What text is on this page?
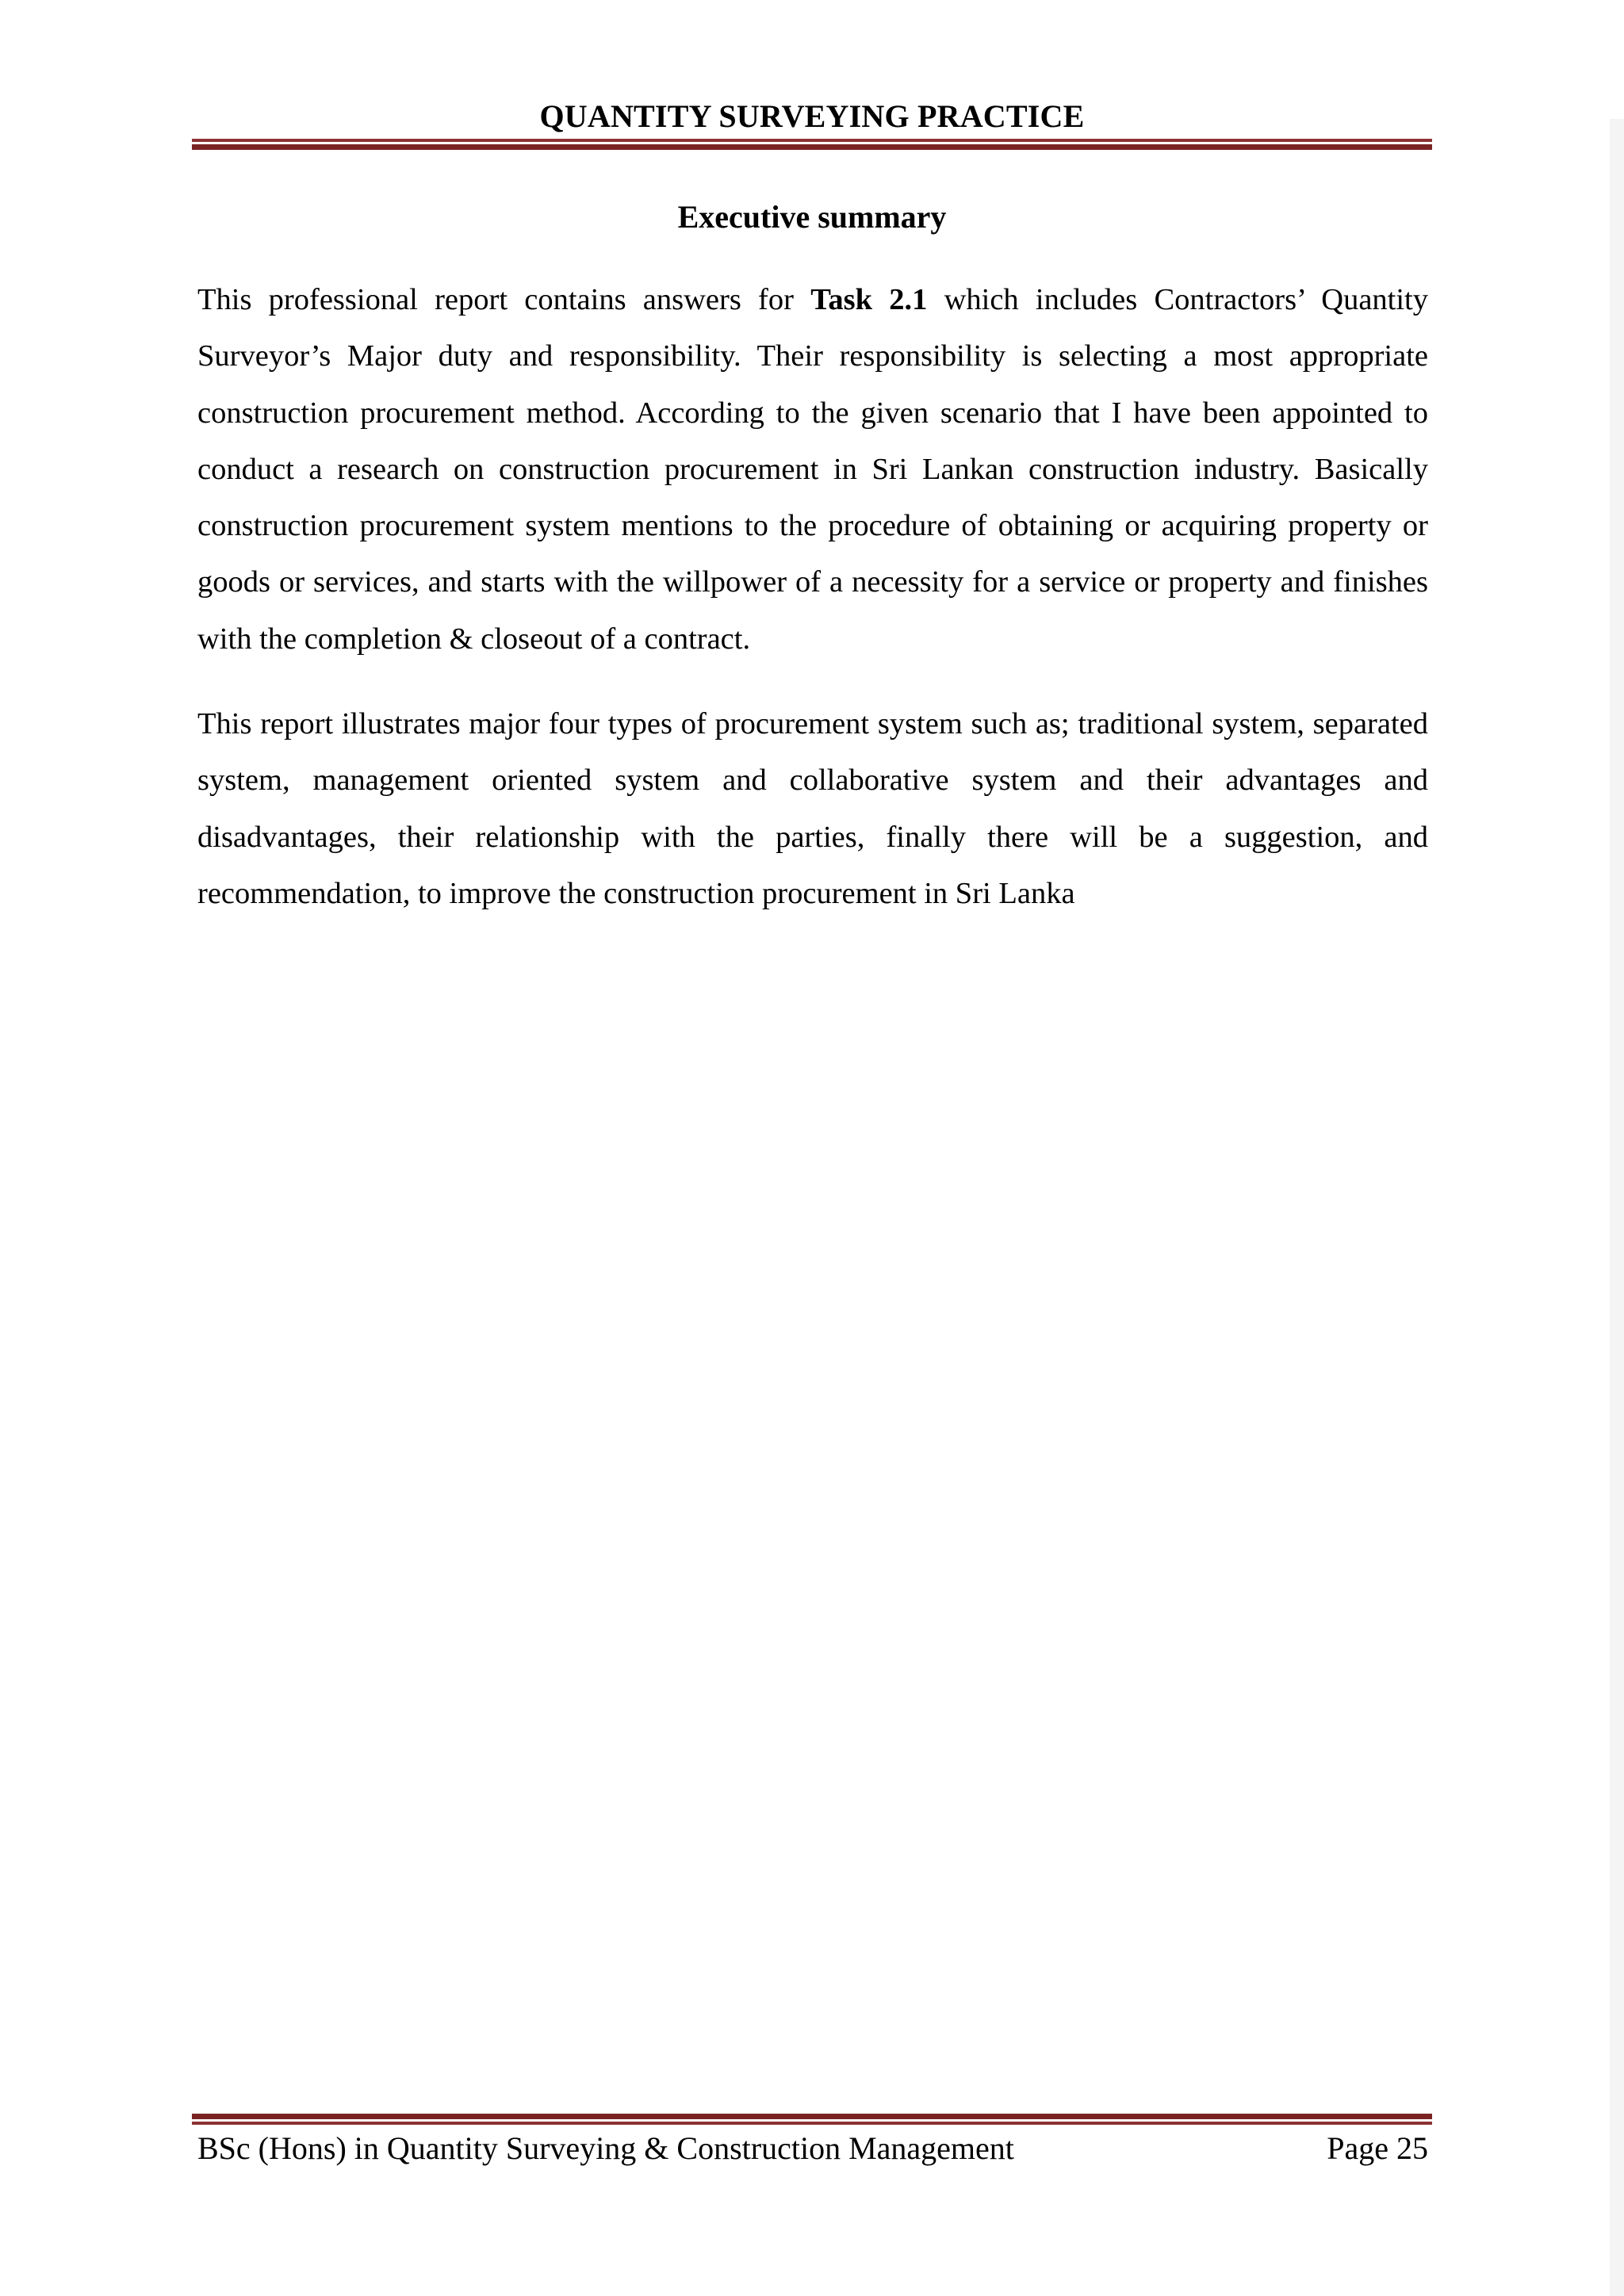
QUANTITY SURVEYING PRACTICE
Executive summary

This professional report contains answers for Task 2.1 which includes Contractors’ Quantity Surveyor’s Major duty and responsibility. Their responsibility is selecting a most appropriate construction procurement method. According to the given scenario that I have been appointed to conduct a research on construction procurement in Sri Lankan construction industry. Basically construction procurement system mentions to the procedure of obtaining or acquiring property or goods or services, and starts with the willpower of a necessity for a service or property and finishes with the completion & closeout of a contract.

This report illustrates major four types of procurement system such as; traditional system, separated system, management oriented system and collaborative system and their advantages and disadvantages, their relationship with the parties, finally there will be a suggestion, and recommendation, to improve the construction procurement in Sri Lanka

BSc (Hons) in Quantity Surveying & Construction Management	Page 25
